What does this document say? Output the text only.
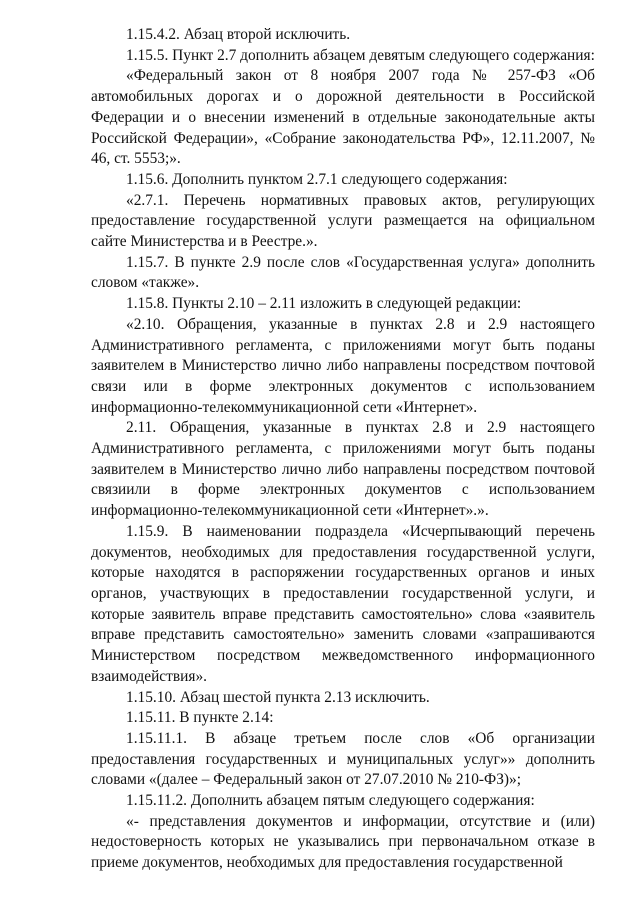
1.15.4.2. Абзац второй исключить.

1.15.5. Пункт 2.7 дополнить абзацем девятым следующего содержания:

«Федеральный закон от 8 ноября 2007 года № 257-ФЗ «Об автомобильных дорогах и о дорожной деятельности в Российской Федерации и о внесении изменений в отдельные законодательные акты Российской Федерации», «Собрание законодательства РФ», 12.11.2007, № 46, ст. 5553;».

1.15.6. Дополнить пунктом 2.7.1 следующего содержания:

«2.7.1. Перечень нормативных правовых актов, регулирующих предоставление государственной услуги размещается на официальном сайте Министерства и в Реестре.».

1.15.7. В пункте 2.9 после слов «Государственная услуга» дополнить словом «также».

1.15.8. Пункты 2.10 – 2.11 изложить в следующей редакции:

«2.10. Обращения, указанные в пунктах 2.8 и 2.9 настоящего Административного регламента, с приложениями могут быть поданы заявителем в Министерство лично либо направлены посредством почтовой связи или в форме электронных документов с использованием информационно-телекоммуникационной сети «Интернет».

2.11. Обращения, указанные в пунктах 2.8 и 2.9 настоящего Административного регламента, с приложениями могут быть поданы заявителем в Министерство лично либо направлены посредством почтовой связиили в форме электронных документов с использованием информационно-телекоммуникационной сети «Интернет».».

1.15.9. В наименовании подраздела «Исчерпывающий перечень документов, необходимых для предоставления государственной услуги, которые находятся в распоряжении государственных органов и иных органов, участвующих в предоставлении государственной услуги, и которые заявитель вправе представить самостоятельно» слова «заявитель вправе представить самостоятельно» заменить словами «запрашиваются Министерством посредством межведомственного информационного взаимодействия».

1.15.10. Абзац шестой пункта 2.13 исключить.

1.15.11. В пункте 2.14:

1.15.11.1. В абзаце третьем после слов «Об организации предоставления государственных и муниципальных услуг»» дополнить словами «(далее – Федеральный закон от 27.07.2010 № 210-ФЗ)»;

1.15.11.2. Дополнить абзацем пятым следующего содержания:

«- представления документов и информации, отсутствие и (или) недостоверность которых не указывались при первоначальном отказе в приеме документов, необходимых для предоставления государственной
